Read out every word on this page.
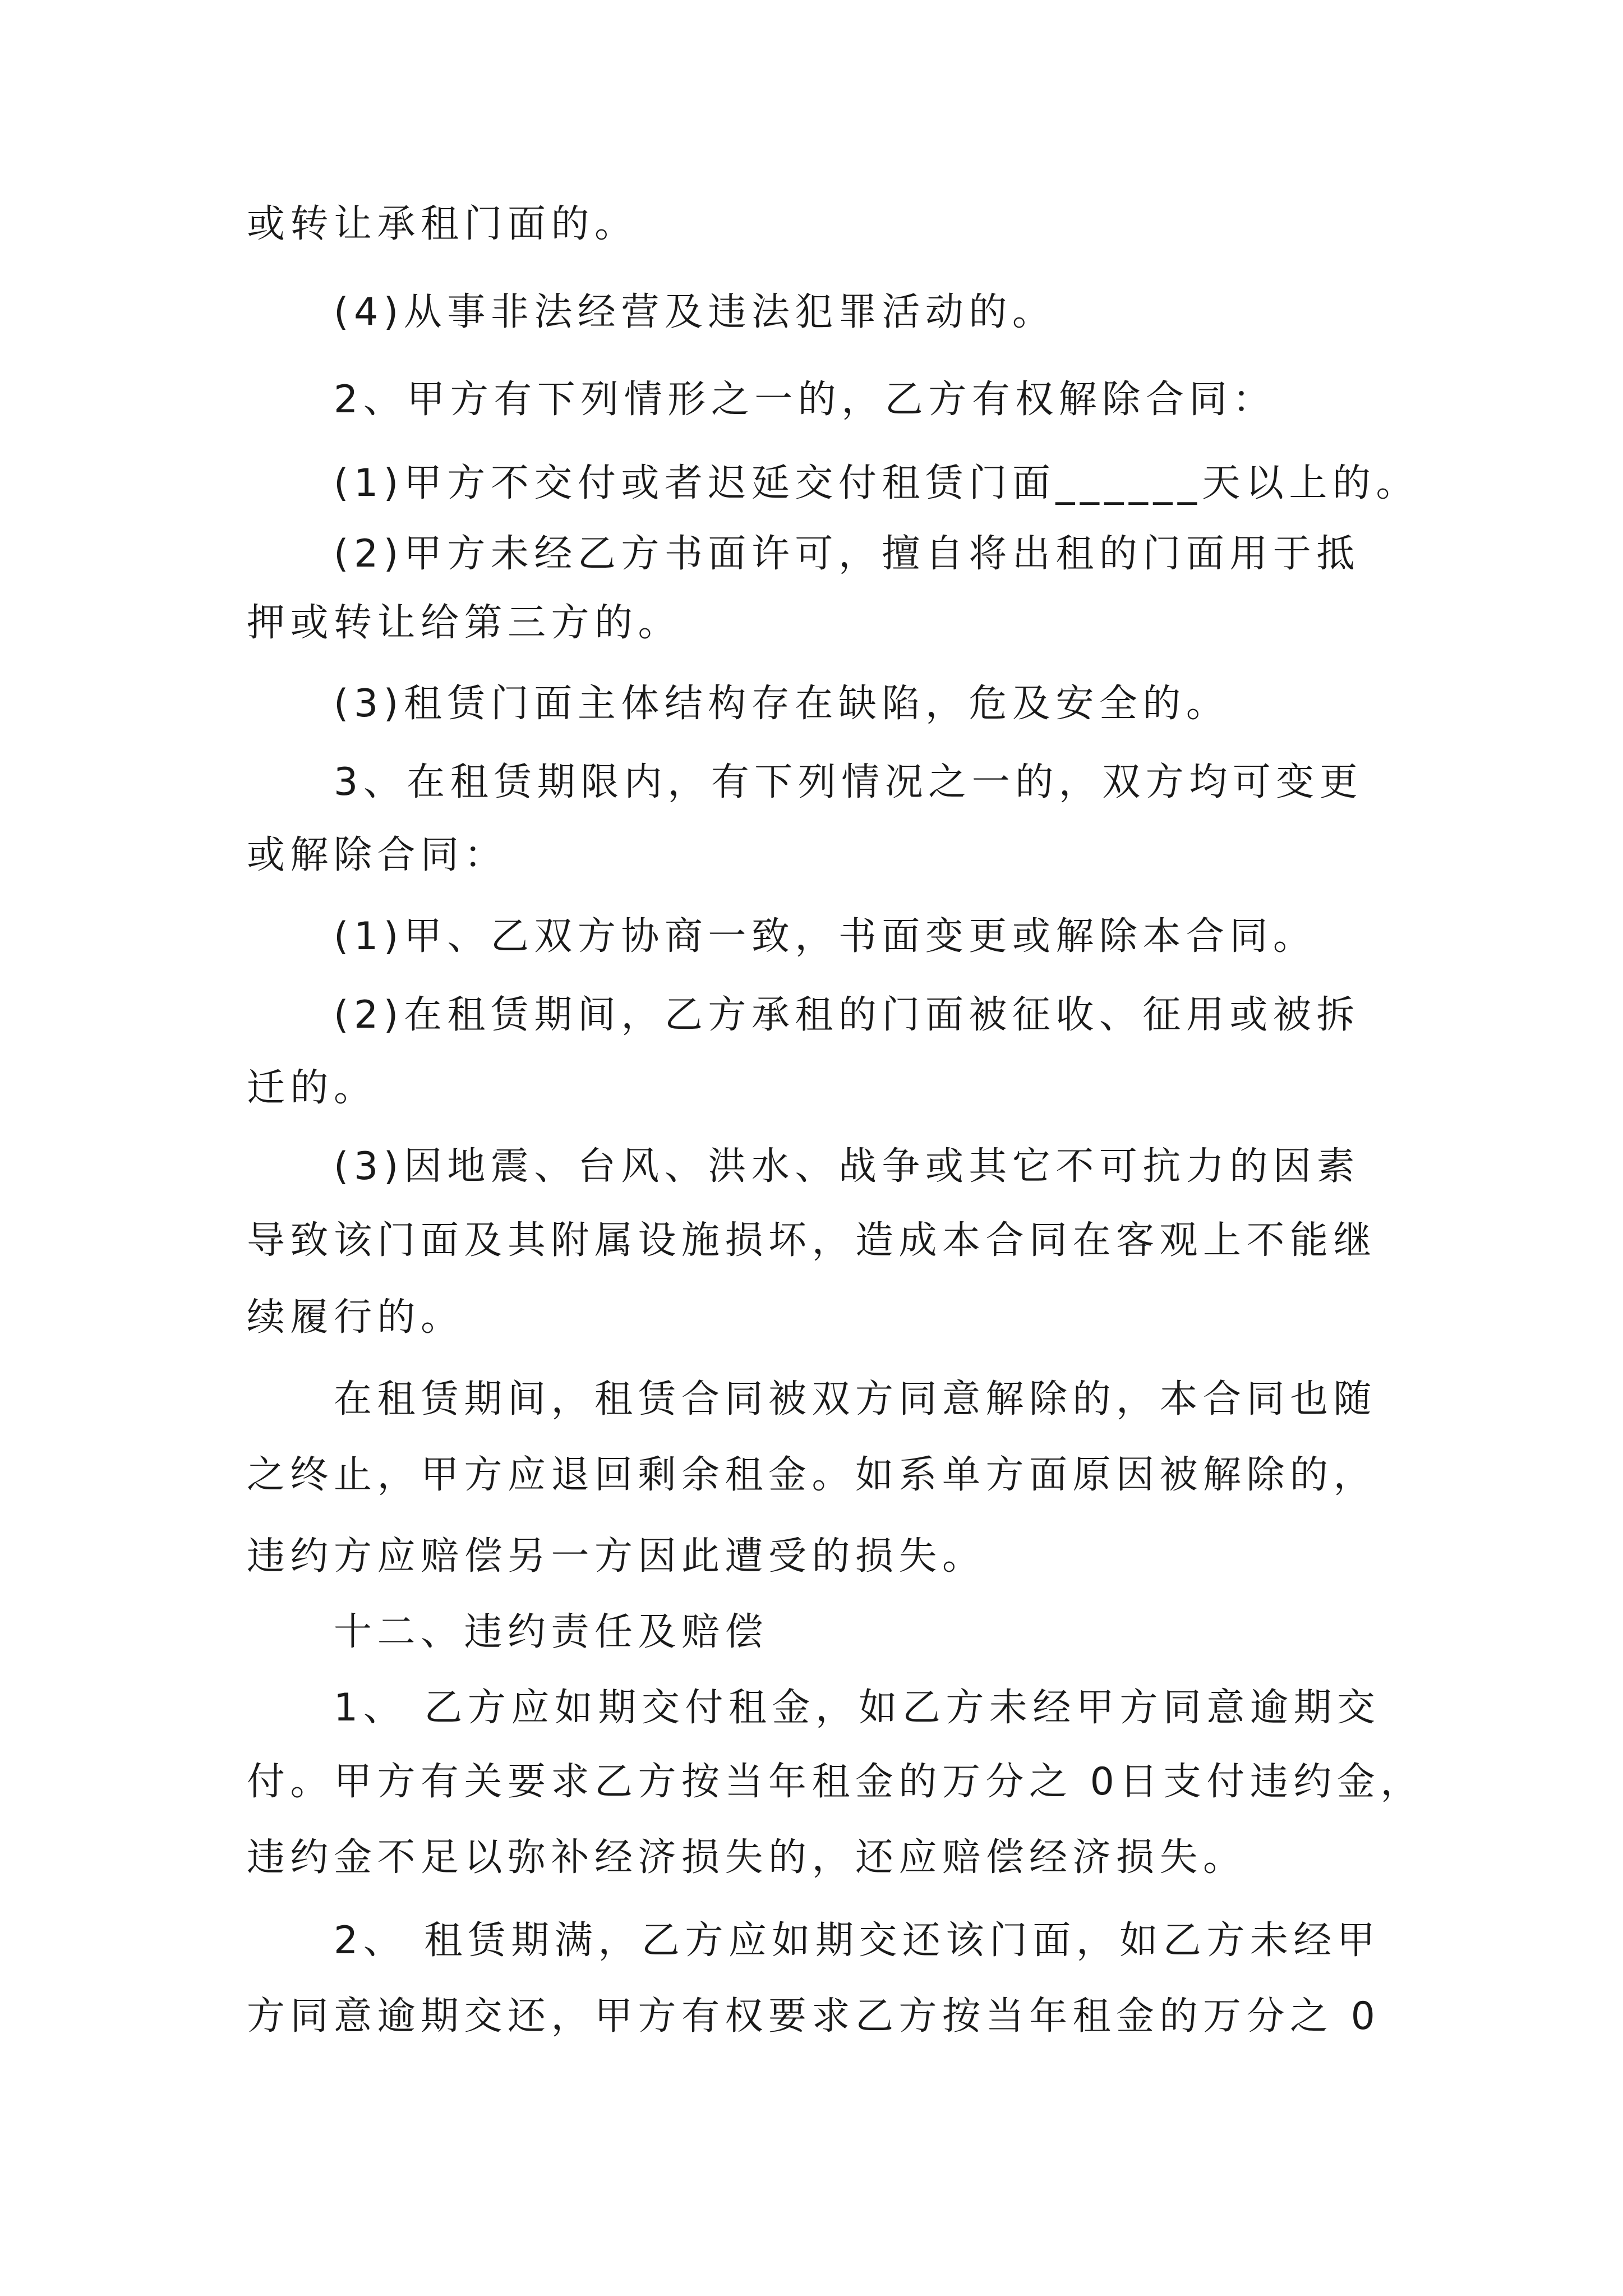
或转让承租门面的。
(4)从事非法经营及违法犯罪活动的。
2、甲方有下列情形之一的，乙方有权解除合同：
(1)甲方不交付或者迟延交付租赁门面______天以上的。
(2)甲方未经乙方书面许可，擅自将出租的门面用于抵
押或转让给第三方的。
(3)租赁门面主体结构存在缺陷，危及安全的。
3、在租赁期限内，有下列情况之一的，双方均可变更
或解除合同：
(1)甲、乙双方协商一致，书面变更或解除本合同。
(2)在租赁期间，乙方承租的门面被征收、征用或被拆
迁的。
(3)因地震、台风、洪水、战争或其它不可抗力的因素
导致该门面及其附属设施损坏，造成本合同在客观上不能继
续履行的。
在租赁期间，租赁合同被双方同意解除的，本合同也随
之终止，甲方应退回剩余租金。如系单方面原因被解除的，
违约方应赔偿另一方因此遭受的损失。
十二、违约责任及赔偿
1、 乙方应如期交付租金，如乙方未经甲方同意逾期交
付。甲方有关要求乙方按当年租金的万分之 0日支付违约金，
违约金不足以弥补经济损失的，还应赔偿经济损失。
2、 租赁期满，乙方应如期交还该门面，如乙方未经甲
方同意逾期交还，甲方有权要求乙方按当年租金的万分之 0
